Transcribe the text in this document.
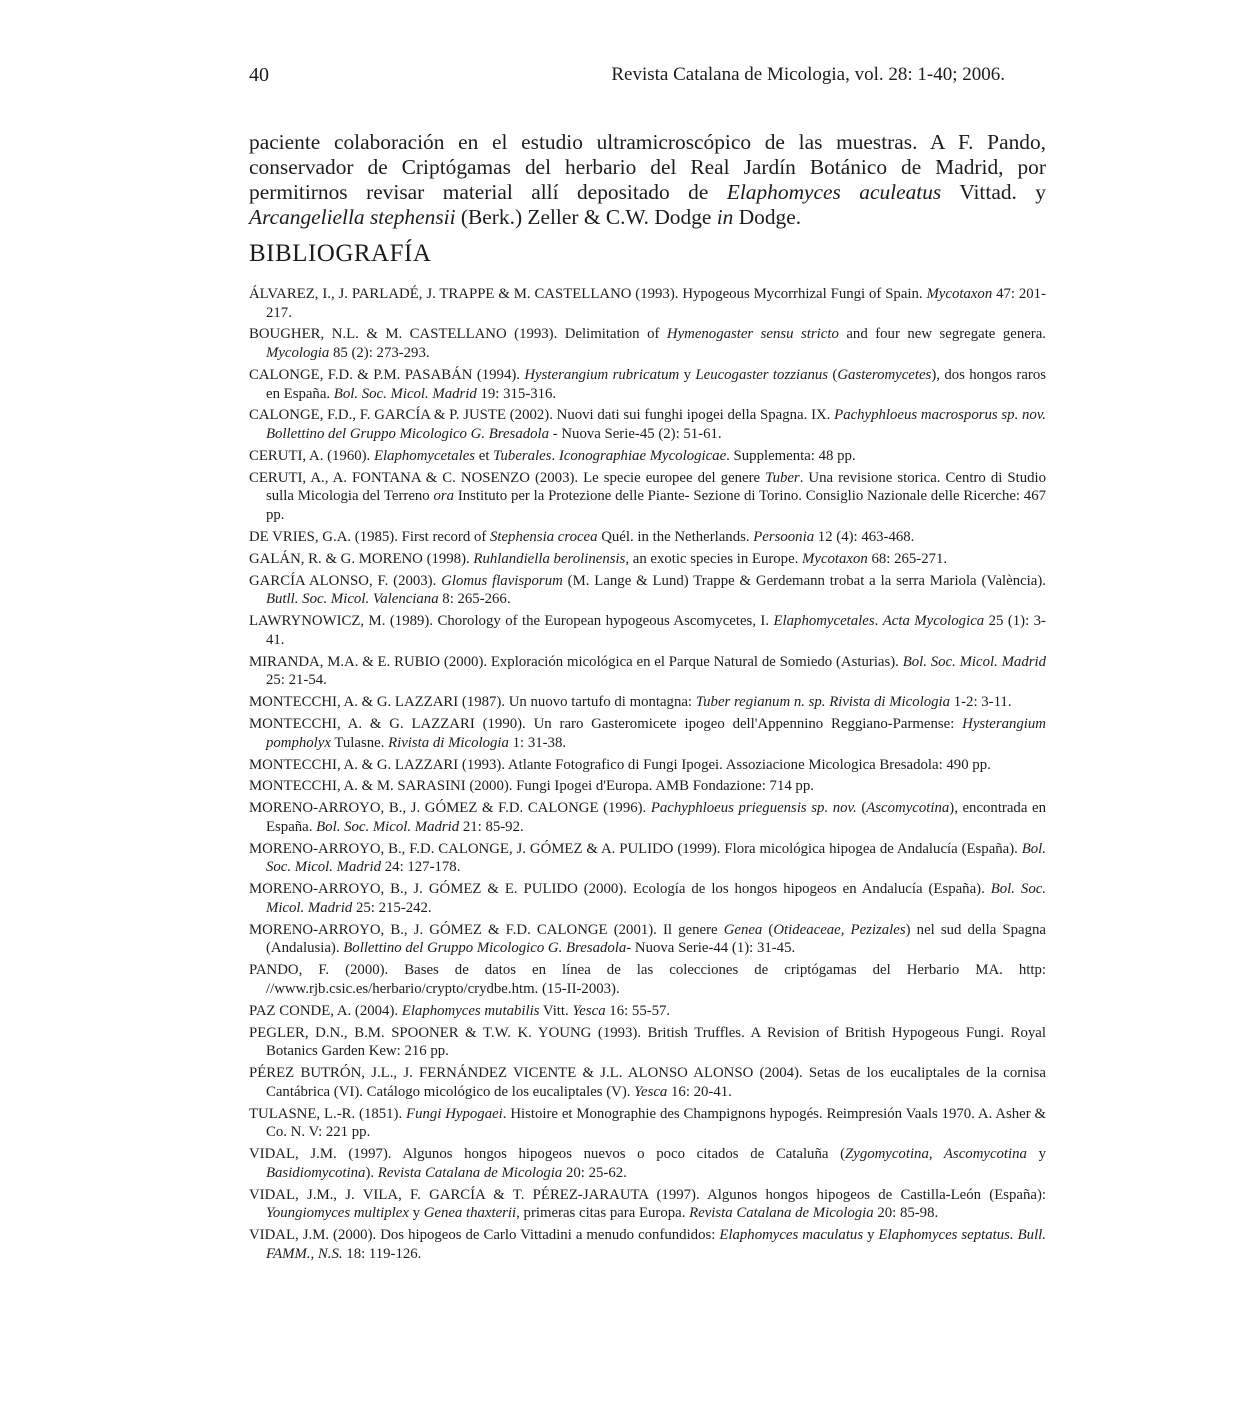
40	Revista Catalana de Micologia, vol. 28: 1-40; 2006.

paciente colaboración en el estudio ultramicroscópico de las muestras. A F. Pando, conservador de Criptógamas del herbario del Real Jardín Botánico de Madrid, por permitirnos revisar material allí depositado de Elaphomyces aculeatus Vittad. y Arcangeliella stephensii (Berk.) Zeller & C.W. Dodge in Dodge.

BIBLIOGRAFÍA

ÁLVAREZ, I., J. PARLADÉ, J. TRAPPE & M. CASTELLANO (1993). Hypogeous Mycorrhizal Fungi of Spain. Mycotaxon 47: 201-217.

BOUGHER, N.L. & M. CASTELLANO (1993). Delimitation of Hymenogaster sensu stricto and four new segregate genera. Mycologia 85 (2): 273-293.

CALONGE, F.D. & P.M. PASABÁN (1994). Hysterangium rubricatum y Leucogaster tozzianus (Gasteromycetes), dos hongos raros en España. Bol. Soc. Micol. Madrid 19: 315-316.

CALONGE, F.D., F. GARCÍA & P. JUSTE (2002). Nuovi dati sui funghi ipogei della Spagna. IX. Pachyphloeus macrosporus sp. nov. Bollettino del Gruppo Micologico G. Bresadola - Nuova Serie-45 (2): 51-61.

CERUTI, A. (1960). Elaphomycetales et Tuberales. Iconographiae Mycologicae. Supplementa: 48 pp.

CERUTI, A., A. FONTANA & C. NOSENZO (2003). Le specie europee del genere Tuber. Una revisione storica. Centro di Studio sulla Micologia del Terreno ora Instituto per la Protezione delle Piante- Sezione di Torino. Consiglio Nazionale delle Ricerche: 467 pp.

DE VRIES, G.A. (1985). First record of Stephensia crocea Quél. in the Netherlands. Persoonia 12 (4): 463-468.

GALÁN, R. & G. MORENO (1998). Ruhlandiella berolinensis, an exotic species in Europe. Mycotaxon 68: 265-271.

GARCÍA ALONSO, F. (2003). Glomus flavisporum (M. Lange & Lund) Trappe & Gerdemann trobat a la serra Mariola (València). Butll. Soc. Micol. Valenciana 8: 265-266.

LAWRYNOWICZ, M. (1989). Chorology of the European hypogeous Ascomycetes, I. Elaphomycetales. Acta Mycologica 25 (1): 3-41.

MIRANDA, M.A. & E. RUBIO (2000). Exploración micológica en el Parque Natural de Somiedo (Asturias). Bol. Soc. Micol. Madrid 25: 21-54.

MONTECCHI, A. & G. LAZZARI (1987). Un nuovo tartufo di montagna: Tuber regianum n. sp. Rivista di Micologia 1-2: 3-11.

MONTECCHI, A. & G. LAZZARI (1990). Un raro Gasteromicete ipogeo dell'Appennino Reggiano-Parmense: Hysterangium pompholyx Tulasne. Rivista di Micologia 1: 31-38.

MONTECCHI, A. & G. LAZZARI (1993). Atlante Fotografico di Fungi Ipogei. Assoziacione Micologica Bresadola: 490 pp.

MONTECCHI, A. & M. SARASINI (2000). Fungi Ipogei d'Europa. AMB Fondazione: 714 pp.

MORENO-ARROYO, B., J. GÓMEZ & F.D. CALONGE (1996). Pachyphloeus prieguensis sp. nov. (Ascomycotina), encontrada en España. Bol. Soc. Micol. Madrid 21: 85-92.

MORENO-ARROYO, B., F.D. CALONGE, J. GÓMEZ & A. PULIDO (1999). Flora micológica hipogea de Andalucía (España). Bol. Soc. Micol. Madrid 24: 127-178.

MORENO-ARROYO, B., J. GÓMEZ & E. PULIDO (2000). Ecología de los hongos hipogeos en Andalucía (España). Bol. Soc. Micol. Madrid 25: 215-242.

MORENO-ARROYO, B., J. GÓMEZ & F.D. CALONGE (2001). Il genere Genea (Otideaceae, Pezizales) nel sud della Spagna (Andalusia). Bollettino del Gruppo Micologico G. Bresadola- Nuova Serie-44 (1): 31-45.

PANDO, F. (2000). Bases de datos en línea de las colecciones de criptógamas del Herbario MA. http: //www.rjb.csic.es/herbario/crypto/crydbe.htm. (15-II-2003).

PAZ CONDE, A. (2004). Elaphomyces mutabilis Vitt. Yesca 16: 55-57.

PEGLER, D.N., B.M. SPOONER & T.W. K. YOUNG (1993). British Truffles. A Revision of British Hypogeous Fungi. Royal Botanics Garden Kew: 216 pp.

PÉREZ BUTRÓN, J.L., J. FERNÁNDEZ VICENTE & J.L. ALONSO ALONSO (2004). Setas de los eucaliptales de la cornisa Cantábrica (VI). Catálogo micológico de los eucaliptales (V). Yesca 16: 20-41.

TULASNE, L.-R. (1851). Fungi Hypogaei. Histoire et Monographie des Champignons hypogés. Reimpresión Vaals 1970. A. Asher & Co. N. V: 221 pp.

VIDAL, J.M. (1997). Algunos hongos hipogeos nuevos o poco citados de Cataluña (Zygomycotina, Ascomycotina y Basidiomycotina). Revista Catalana de Micologia 20: 25-62.

VIDAL, J.M., J. VILA, F. GARCÍA & T. PÉREZ-JARAUTA (1997). Algunos hongos hipogeos de Castilla-León (España): Youngiomyces multiplex y Genea thaxterii, primeras citas para Europa. Revista Catalana de Micologia 20: 85-98.

VIDAL, J.M. (2000). Dos hipogeos de Carlo Vittadini a menudo confundidos: Elaphomyces maculatus y Elaphomyces septatus. Bull. FAMM., N.S. 18: 119-126.
